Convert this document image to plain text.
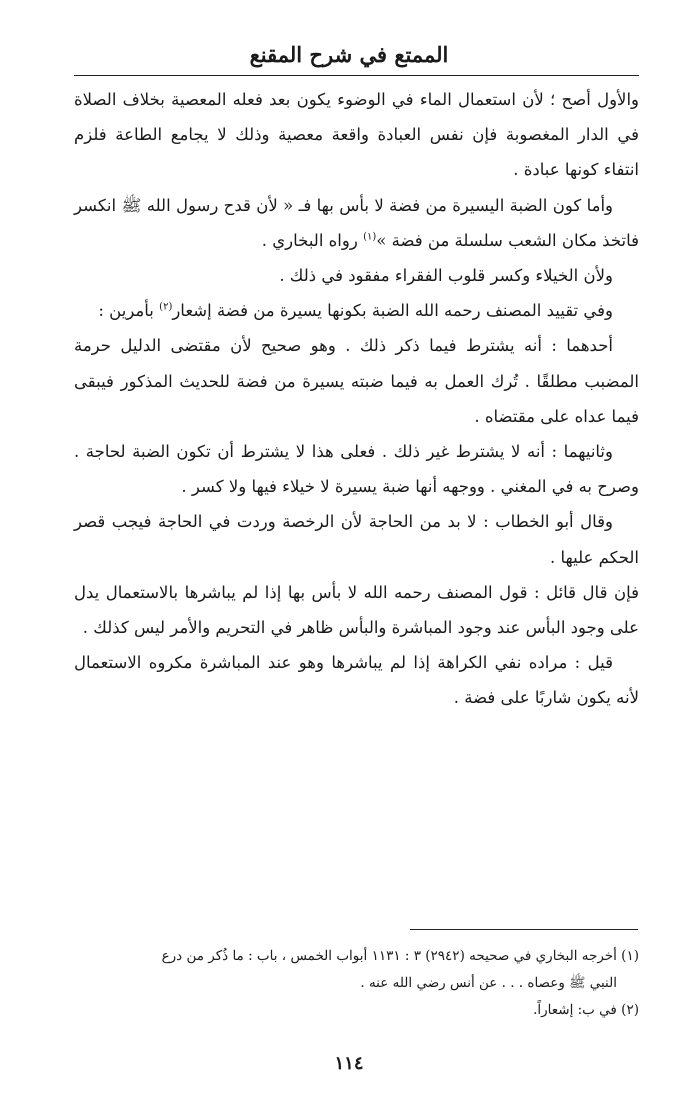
الممتع في شرح المقنع

والأول أصح ؛ لأن استعمال الماء في الوضوء يكون بعد فعله المعصية بخلاف الصلاة في الدار المغصوبة فإن نفس العبادة واقعة معصية وذلك لا يجامع الطاعة فلزم انتفاء كونها عبادة .

وأما كون الضبة اليسيرة من فضة لا بأس بها فـ « لأن قدح رسول الله ﷺ انكسر فاتخذ مكان الشعب سلسلة من فضة »$^{(١)}$ رواه البخاري .

ولأن الخيلاء وكسر قلوب الفقراء مفقود في ذلك .

وفي تقييد المصنف رحمه الله الضبة بكونها يسيرة من فضة إشعار$^{(٢)}$ بأمرين :

أحدهما : أنه يشترط فيما ذكر ذلك . وهو صحيح لأن مقتضى الدليل حرمة المضبب مطلقًا . تُرك العمل به فيما ضبته يسيرة من فضة للحديث المذكور فيبقى فيما عداه على مقتضاه .

وثانيهما : أنه لا يشترط غير ذلك . فعلى هذا لا يشترط أن تكون الضبة لحاجة . وصرح به في المغني . ووجهه أنها ضبة يسيرة لا خيلاء فيها ولا كسر .

وقال أبو الخطاب : لا بد من الحاجة لأن الرخصة وردت في الحاجة فيجب قصر الحكم عليها .

فإن قال قائل : قول المصنف رحمه الله لا بأس بها إذا لم يباشرها بالاستعمال يدل على وجود البأس عند وجود المباشرة والبأس ظاهر في التحريم والأمر ليس كذلك .

قيل : مراده نفي الكراهة إذا لم يباشرها وهو عند المباشرة مكروه الاستعمال لأنه يكون شاربًا على فضة .

(١) أخرجه البخاري في صحيحه (٢٩٤٢) ٣ : ١١٣١ أبواب الخمس ، باب : ما ذُكر من درع

النبي ﷺ وعصاه . . . عن أنس رضي الله عنه .

(٢) في ب: إشعاراً.

١١٤
